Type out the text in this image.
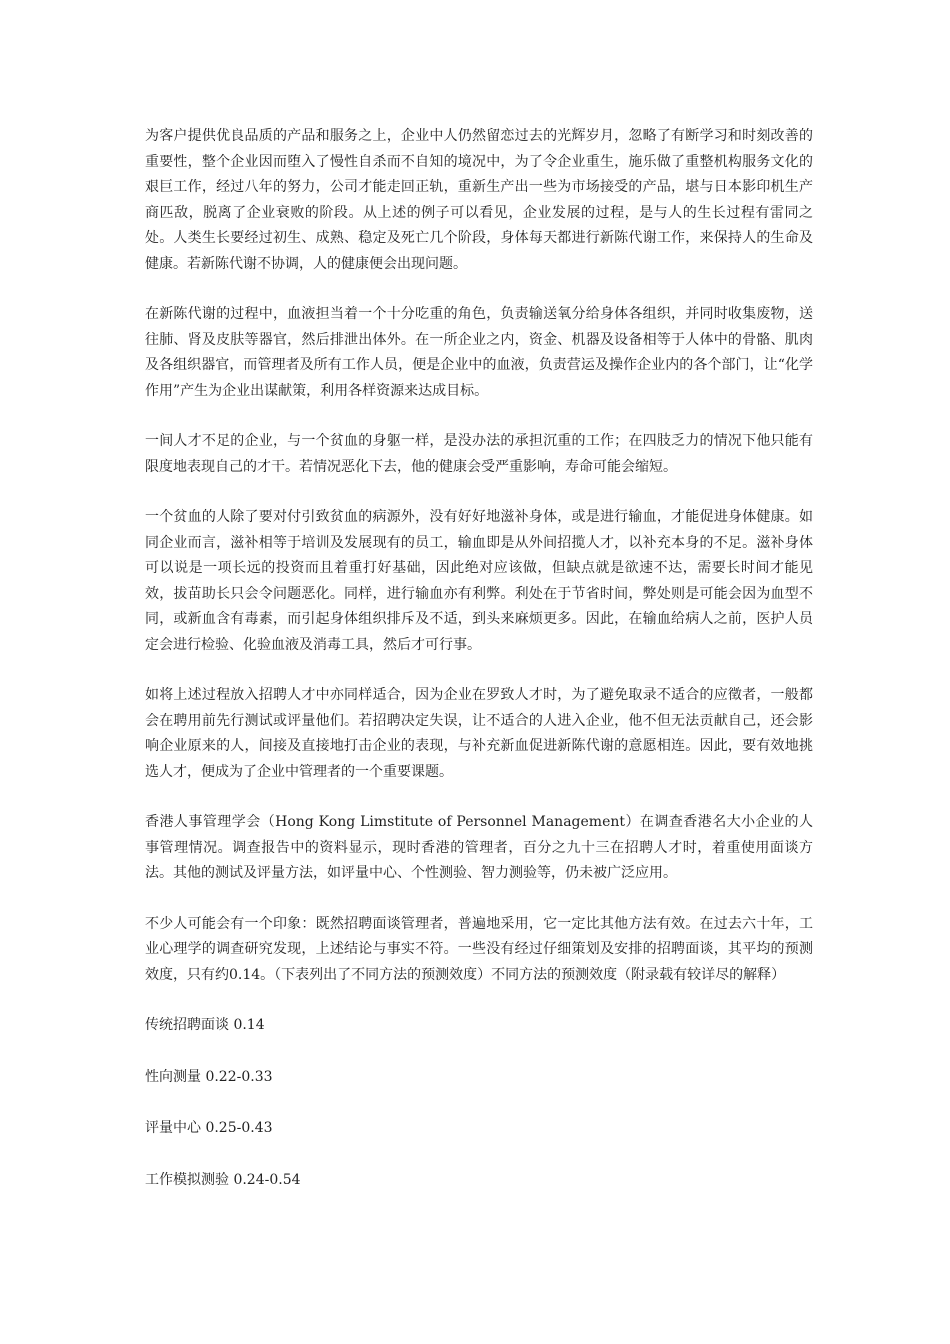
为客户提供优良品质的产品和服务之上，企业中人仍然留恋过去的光辉岁月，忽略了有断学习和时刻改善的重要性，整个企业因而堕入了慢性自杀而不自知的境况中，为了令企业重生，施乐做了重整机构服务文化的艰巨工作，经过八年的努力，公司才能走回正轨，重新生产出一些为市场接受的产品，堪与日本影印机生产商匹敌，脱离了企业衰败的阶段。从上述的例子可以看见，企业发展的过程，是与人的生长过程有雷同之处。人类生长要经过初生、成熟、稳定及死亡几个阶段，身体每天都进行新陈代谢工作，来保持人的生命及健康。若新陈代谢不协调，人的健康便会出现问题。

在新陈代谢的过程中，血液担当着一个十分吃重的角色，负责输送氧分给身体各组织，并同时收集废物，送往肺、肾及皮肤等器官，然后排泄出体外。在一所企业之内，资金、机器及设备相等于人体中的骨骼、肌肉及各组织器官，而管理者及所有工作人员，便是企业中的血液，负责营运及操作企业内的各个部门，让“化学作用”产生为企业出谋献策，利用各样资源来达成目标。

一间人才不足的企业，与一个贫血的身躯一样，是没办法的承担沉重的工作；在四肢乏力的情况下他只能有限度地表现自己的才干。若情况恶化下去，他的健康会受严重影响，寿命可能会缩短。

一个贫血的人除了要对付引致贫血的病源外，没有好好地滋补身体，或是进行输血，才能促进身体健康。如同企业而言，滋补相等于培训及发展现有的员工，输血即是从外间招揽人才，以补充本身的不足。滋补身体可以说是一项长远的投资而且着重打好基础，因此绝对应该做，但缺点就是欲速不达，需要长时间才能见效，拔苗助长只会令问题恶化。同样，进行输血亦有利弊。利处在于节省时间，弊处则是可能会因为血型不同，或新血含有毒素，而引起身体组织排斥及不适，到头来麻烦更多。因此，在输血给病人之前，医护人员定会进行检验、化验血液及消毒工具，然后才可行事。

如将上述过程放入招聘人才中亦同样适合，因为企业在罗致人才时，为了避免取录不适合的应徵者，一般都会在聘用前先行测试或评量他们。若招聘决定失误，让不适合的人进入企业，他不但无法贡献自己，还会影响企业原来的人，间接及直接地打击企业的表现，与补充新血促进新陈代谢的意愿相连。因此，要有效地挑选人才，便成为了企业中管理者的一个重要课题。

香港人事管理学会（Hong Kong Limstitute of Personnel Management）在调查香港名大小企业的人事管理情况。调查报告中的资料显示，现时香港的管理者，百分之九十三在招聘人才时，着重使用面谈方法。其他的测试及评量方法，如评量中心、个性测验、智力测验等，仍未被广泛应用。

不少人可能会有一个印象：既然招聘面谈管理者，普遍地采用，它一定比其他方法有效。在过去六十年，工业心理学的调查研究发现，上述结论与事实不符。一些没有经过仔细策划及安排的招聘面谈，其平均的预测效度，只有约0.14。（下表列出了不同方法的预测效度）不同方法的预测效度（附录载有较详尽的解释）

传统招聘面谈 0.14

性向测量 0.22-0.33

评量中心 0.25-0.43

工作模拟测验 0.24-0.54
